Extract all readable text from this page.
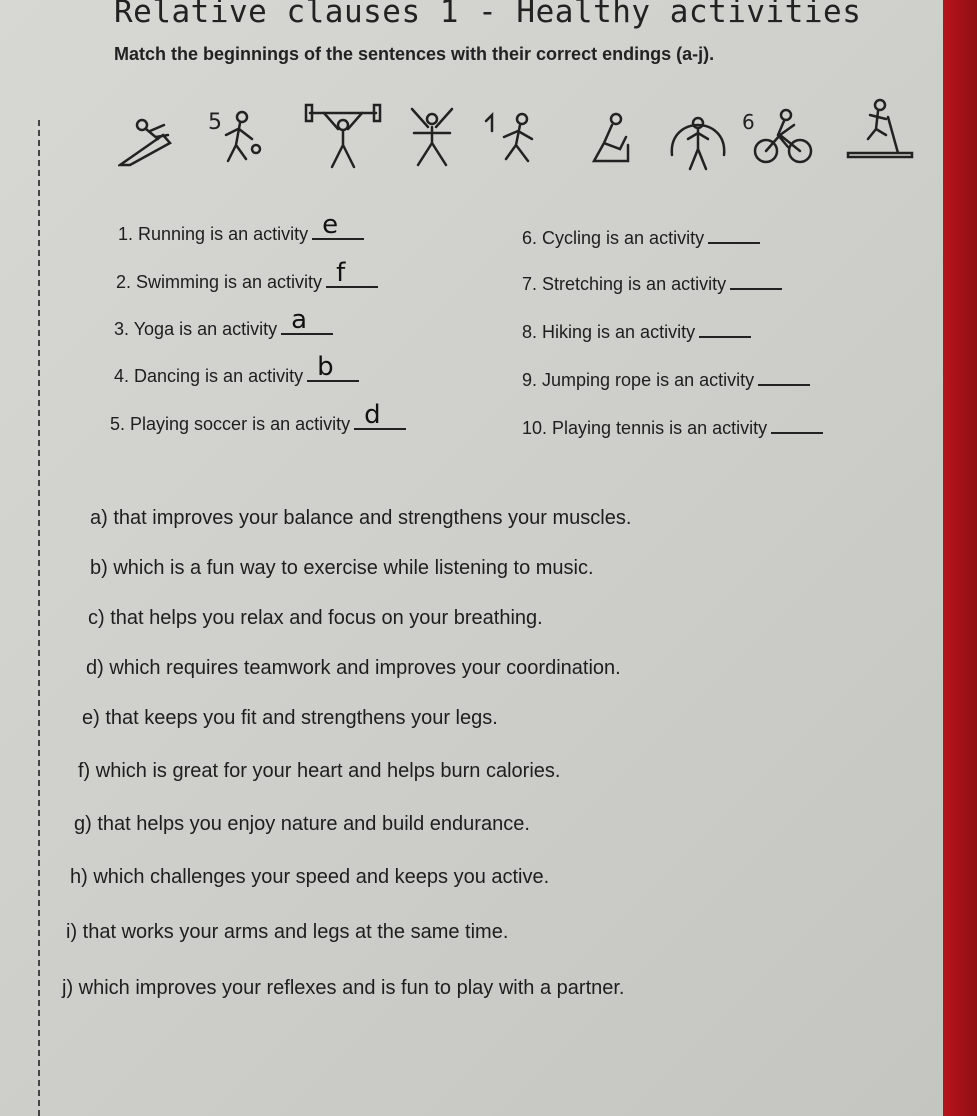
Relative clauses 1 - Healthy activities
Match the beginnings of the sentences with their correct endings (a-j).
5	6
1. Running is an activity e
2. Swimming is an activity f
3. Yoga is an activity a
4. Dancing is an activity b
5. Playing soccer is an activity d
6. Cycling is an activity
7. Stretching is an activity
8. Hiking is an activity
9. Jumping rope is an activity
10. Playing tennis is an activity
a) that improves your balance and strengthens your muscles.
b) which is a fun way to exercise while listening to music.
c) that helps you relax and focus on your breathing.
d) which requires teamwork and improves your coordination.
e) that keeps you fit and strengthens your legs.
f) which is great for your heart and helps burn calories.
g) that helps you enjoy nature and build endurance.
h) which challenges your speed and keeps you active.
i) that works your arms and legs at the same time.
j) which improves your reflexes and is fun to play with a partner.
